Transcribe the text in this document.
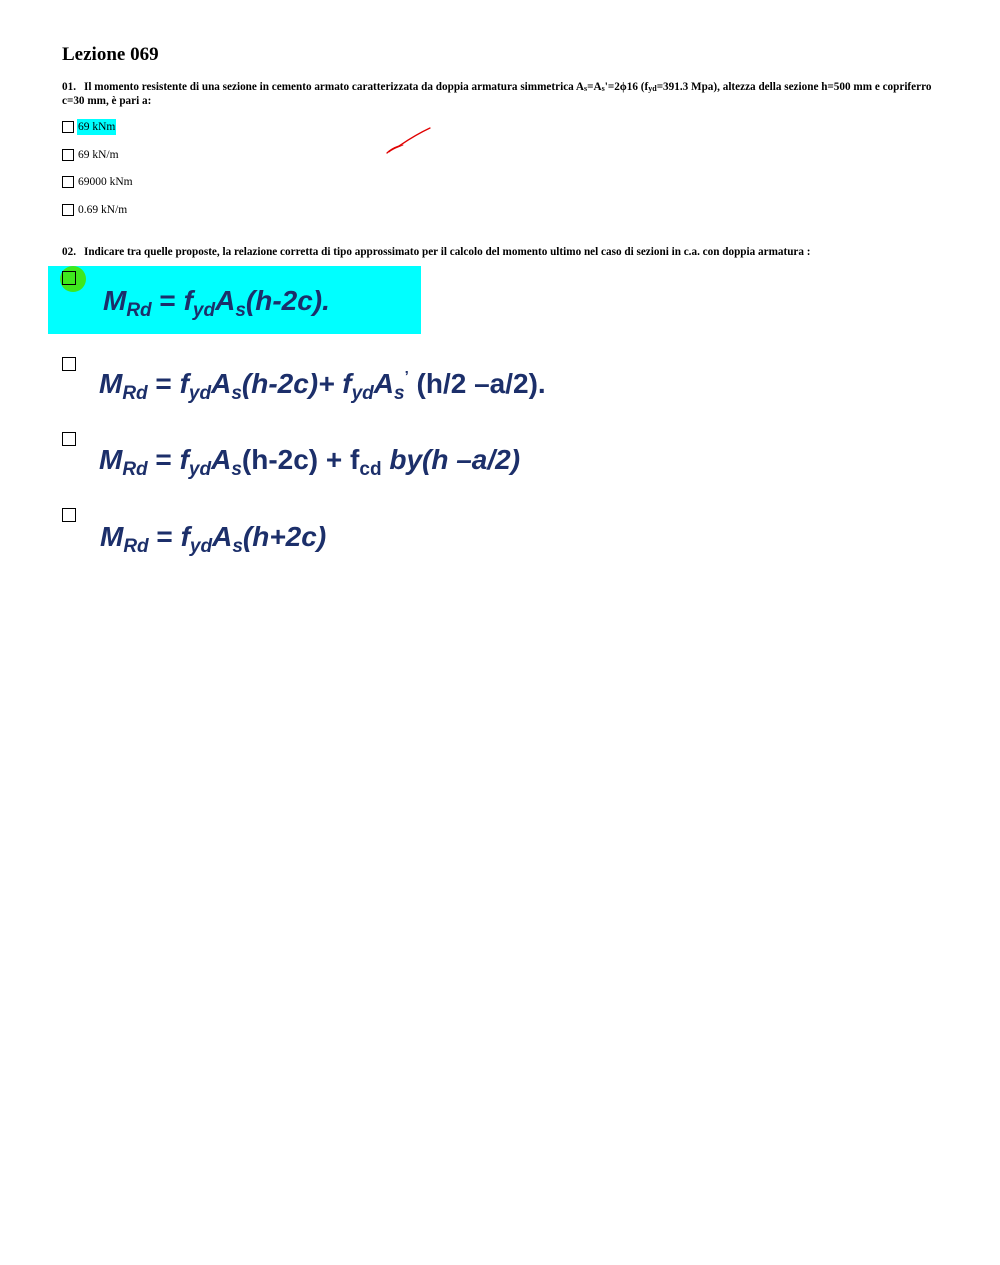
Lezione 069
01. Il momento resistente di una sezione in cemento armato caratterizzata da doppia armatura simmetrica $A_s=A_s'=2\phi 16$ ($f_{yd}=391.3$ Mpa), altezza della sezione h=500 mm e copriferro c=30 mm, è pari a:
69 kNm
69 kN/m
69000 kNm
0.69 kN/m
02. Indicare tra quelle proposte, la relazione corretta di tipo approssimato per il calcolo del momento ultimo nel caso di sezioni in c.a. con doppia armatura :
$M_{Rd} = f_{yd}A_s(h-2c)$.
$M_{Rd} = f_{yd}A_s(h-2c)+ f_{yd}A_s^’$ (h/2 –a/2).
$M_{Rd} = f_{yd}A_s(h-2c) + f_{cd}$ by(h –a/2)
$M_{Rd} = f_{yd}A_s(h+2c)$
